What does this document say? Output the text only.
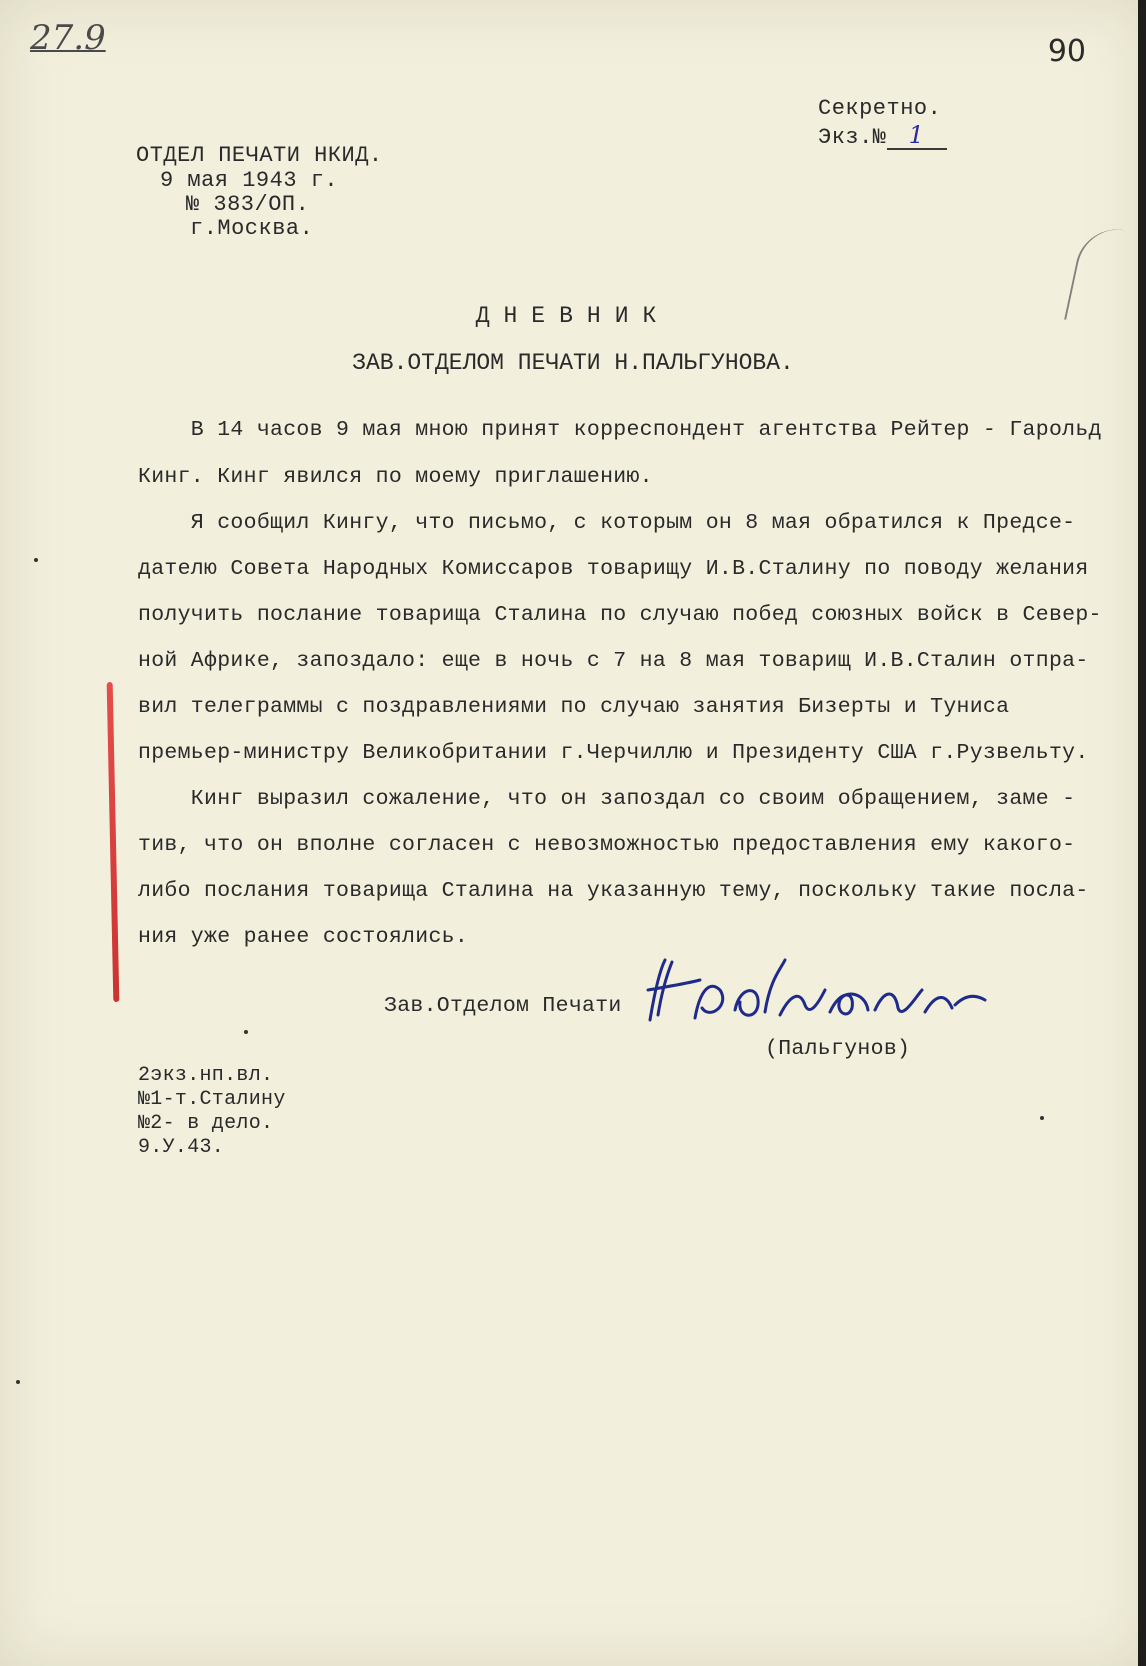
27.9	90
Секретно.
Экз.№ 1
ОТДЕЛ ПЕЧАТИ НКИД.
9 мая 1943 г.
№ 383/ОП.
г.Москва.
ДНЕВНИК
ЗАВ.ОТДЕЛОМ ПЕЧАТИ Н.ПАЛЬГУНОВА.
В 14 часов 9 мая мною принят корреспондент агентства Рейтер - Гарольд
Кинг. Кинг явился по моему приглашению.
Я сообщил Кингу, что письмо, с которым он 8 мая обратился к Предсе-
дателю Совета Народных Комиссаров товарищу И.В.Сталину по поводу желания
получить послание товарища Сталина по случаю побед союзных войск в Север-
ной Африке, запоздало: еще в ночь с 7 на 8 мая товарищ И.В.Сталин отпра-
вил телеграммы с поздравлениями по случаю занятия Бизерты и Туниса
премьер-министру Великобритании г.Черчиллю и Президенту США г.Рузвельту.
Кинг выразил сожаление, что он запоздал со своим обращением, заме -
тив, что он вполне согласен с невозможностью предоставления ему какого-
либо послания товарища Сталина на указанную тему, поскольку такие посла-
ния уже ранее состоялись.
Зав.Отделом Печати
(Пальгунов)
2экз.нп.вл.
№1-т.Сталину
№2- в дело.
9.У.43.
